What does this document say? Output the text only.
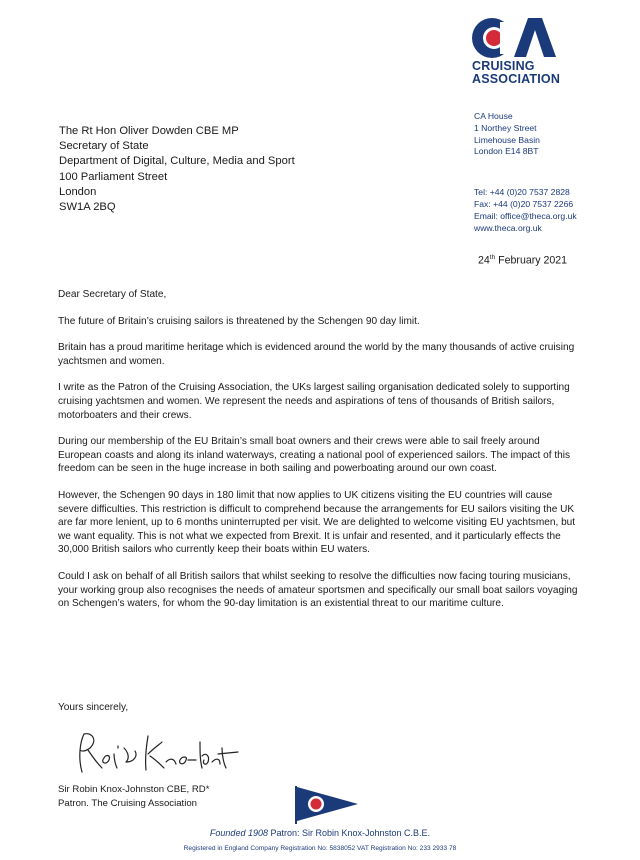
CRUISING
ASSOCIATION
CA House
1 Northey Street
Limehouse Basin
London E14 8BT
Tel: +44 (0)20 7537 2828
Fax: +44 (0)20 7537 2266
Email: office@theca.org.uk
www.theca.org.uk
The Rt Hon Oliver Dowden CBE MP
Secretary of State
Department of Digital, Culture, Media and Sport
100 Parliament Street
London
SW1A 2BQ
24th February 2021

Dear Secretary of State,

The future of Britain’s cruising sailors is threatened by the Schengen 90 day limit.

Britain has a proud maritime heritage which is evidenced around the world by the many thousands of active cruising yachtsmen and women.

I write as the Patron of the Cruising Association, the UKs largest sailing organisation dedicated solely to supporting cruising yachtsmen and women. We represent the needs and aspirations of tens of thousands of British sailors, motorboaters and their crews.

During our membership of the EU Britain’s small boat owners and their crews were able to sail freely around European coasts and along its inland waterways, creating a national pool of experienced sailors. The impact of this freedom can be seen in the huge increase in both sailing and powerboating around our own coast.

However, the Schengen 90 days in 180 limit that now applies to UK citizens visiting the EU countries will cause severe difficulties. This restriction is difficult to comprehend because the arrangements for EU sailors visiting the UK are far more lenient, up to 6 months uninterrupted per visit. We are delighted to welcome visiting EU yachtsmen, but we want equality. This is not what we expected from Brexit. It is unfair and resented, and it particularly effects the 30,000 British sailors who currently keep their boats within EU waters.

Could I ask on behalf of all British sailors that whilst seeking to resolve the difficulties now facing touring musicians, your working group also recognises the needs of amateur sportsmen and specifically our small boat sailors voyaging on Schengen’s waters, for whom the 90-day limitation is an existential threat to our maritime culture.

Yours sincerely,
Sir Robin Knox-Johnston CBE, RD*
Patron. The Cruising Association
Founded 1908 Patron: Sir Robin Knox-Johnston C.B.E.
Registered in England Company Registration No: 5838052 VAT Registration No: 233 2933 78
